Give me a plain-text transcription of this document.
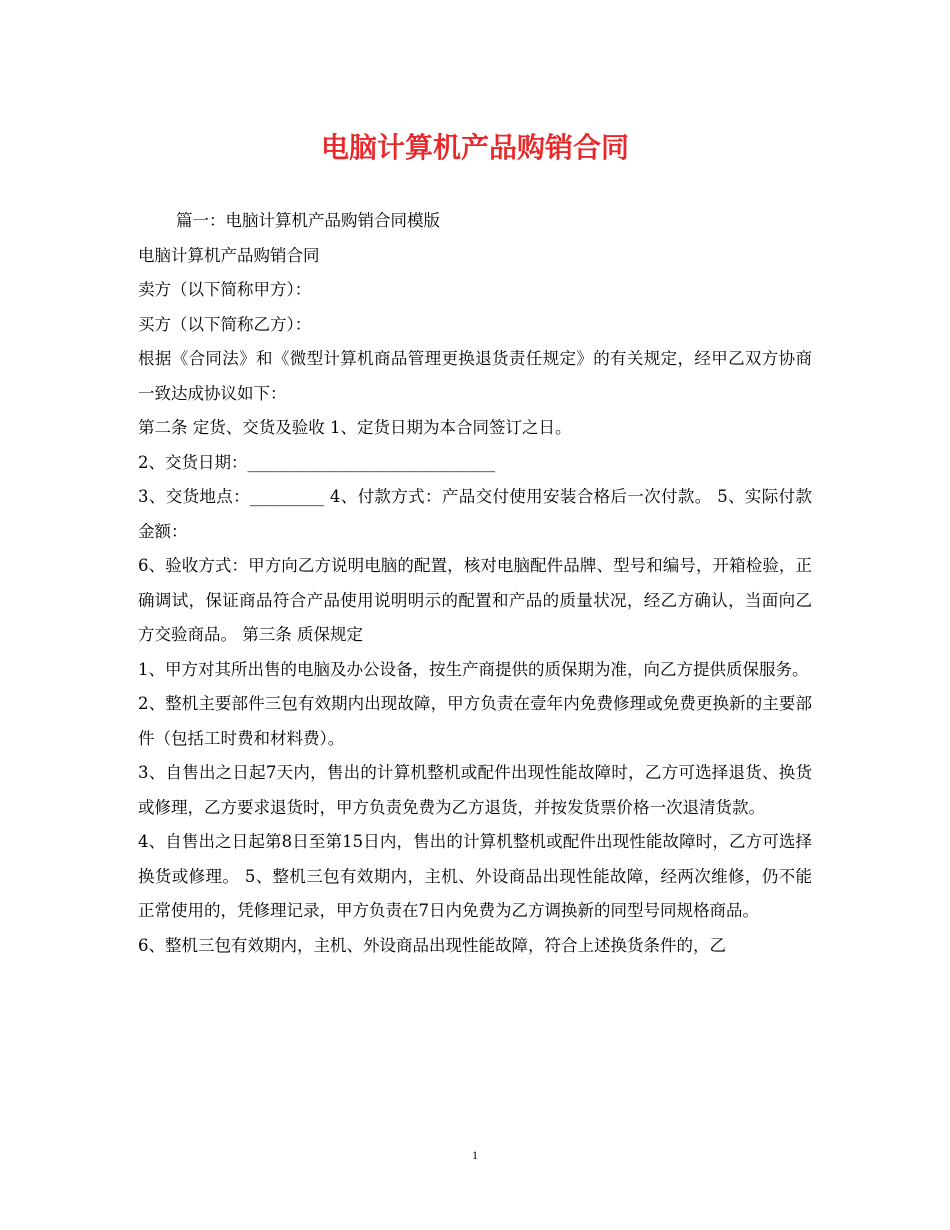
电脑计算机产品购销合同
篇一：电脑计算机产品购销合同模版
电脑计算机产品购销合同
卖方（以下简称甲方）：
买方（以下简称乙方）：
根据《合同法》和《微型计算机商品管理更换退货责任规定》的有关规定，经甲乙双方协商一致达成协议如下：
第二条 定货、交货及验收 1、定货日期为本合同签订之日。
2、交货日期：______________________________
3、交货地点：_________ 4、付款方式：产品交付使用安装合格后一次付款。 5、实际付款金额：
6、验收方式：甲方向乙方说明电脑的配置，核对电脑配件品牌、型号和编号，开箱检验，正确调试，保证商品符合产品使用说明明示的配置和产品的质量状况，经乙方确认，当面向乙方交验商品。 第三条 质保规定
1、甲方对其所出售的电脑及办公设备，按生产商提供的质保期为准，向乙方提供质保服务。
2、整机主要部件三包有效期内出现故障，甲方负责在壹年内免费修理或免费更换新的主要部件（包括工时费和材料费）。
3、自售出之日起7天内，售出的计算机整机或配件出现性能故障时，乙方可选择退货、换货或修理，乙方要求退货时，甲方负责免费为乙方退货，并按发货票价格一次退清货款。
4、自售出之日起第8日至第15日内，售出的计算机整机或配件出现性能故障时，乙方可选择换货或修理。 5、整机三包有效期内，主机、外设商品出现性能故障，经两次维修，仍不能正常使用的，凭修理记录，甲方负责在7日内免费为乙方调换新的同型号同规格商品。
6、整机三包有效期内，主机、外设商品出现性能故障，符合上述换货条件的，乙
1
